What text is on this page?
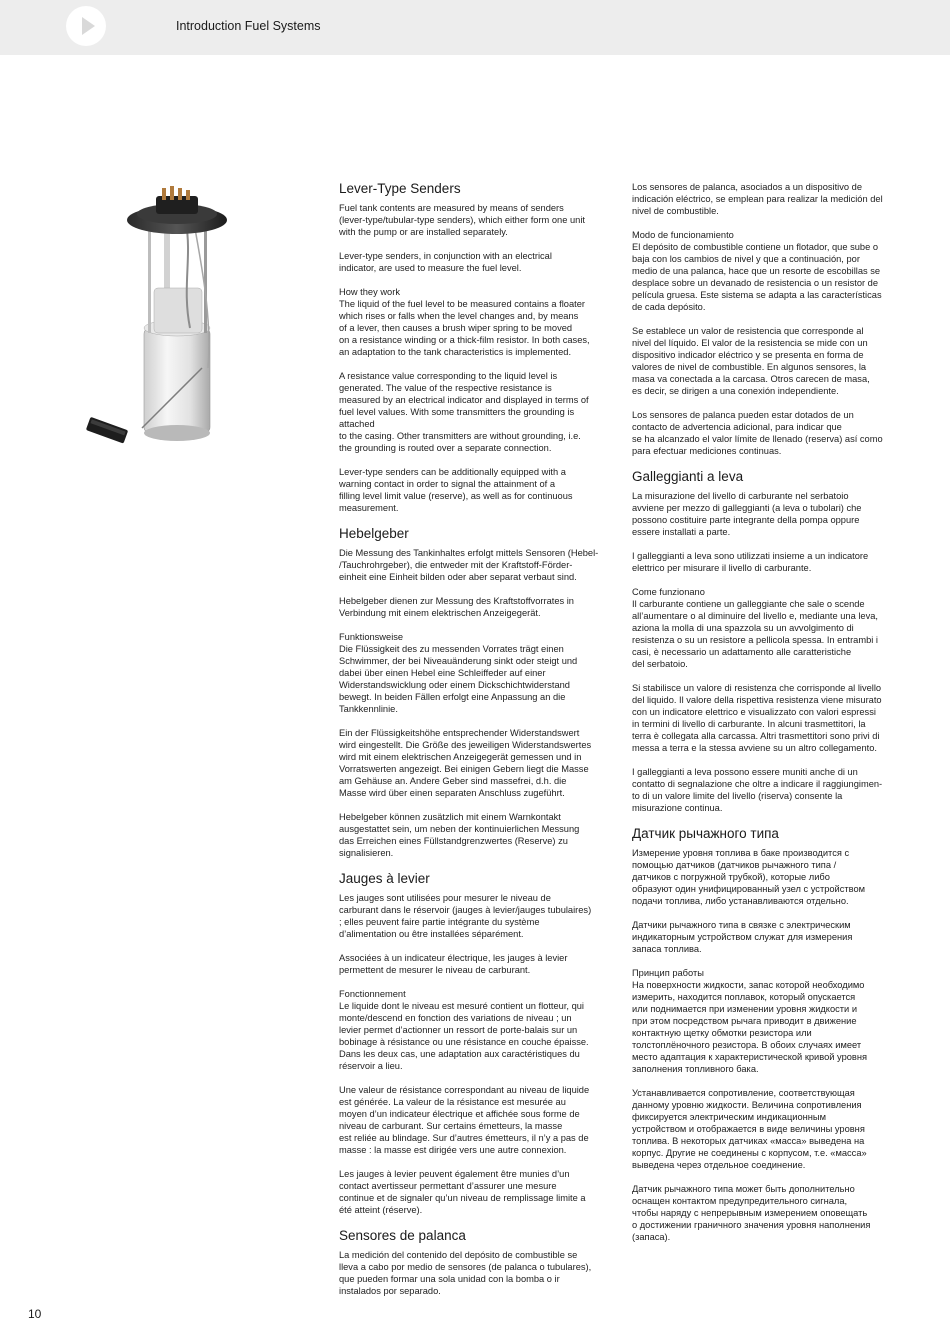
Introduction Fuel Systems
Lever-Type Senders

Fuel tank contents are measured by means of senders
(lever-type/tubular-type senders), which either form one unit
with the pump or are installed separately.

Lever-type senders, in conjunction with an electrical
indicator, are used to measure the fuel level.

How they work
The liquid of the fuel level to be measured contains a floater
which rises or falls when the level changes and, by means
of a lever, then causes a brush wiper spring to be moved
on a resistance winding or a thick-film resistor. In both cases,
an adaptation to the tank characteristics is implemented.

A resistance value corresponding to the liquid level is
generated. The value of the respective resistance is
measured by an electrical indicator and displayed in terms of
fuel level values. With some transmitters the grounding is
attached
to the casing. Other transmitters are without grounding, i.e.
the grounding is routed over a separate connection.

Lever-type senders can be additionally equipped with a
warning contact in order to signal the attainment of a
filling level limit value (reserve), as well as for continuous
measurement.

Hebelgeber

Die Messung des Tankinhaltes erfolgt mittels Sensoren (Hebel-
/Tauchrohrgeber), die entweder mit der Kraftstoff-Förder-
einheit eine Einheit bilden oder aber separat verbaut sind.

Hebelgeber dienen zur Messung des Kraftstoffvorrates in
Verbindung mit einem elektrischen Anzeigegerät.

Funktionsweise
Die Flüssigkeit des zu messenden Vorrates trägt einen
Schwimmer, der bei Niveauänderung sinkt oder steigt und
dabei über einen Hebel eine Schleiffeder auf einer
Widerstandswicklung oder einem Dickschichtwiderstand
bewegt. In beiden Fällen erfolgt eine Anpassung an die
Tankkennlinie.

Ein der Flüssigkeitshöhe entsprechender Widerstandswert
wird eingestellt. Die Größe des jeweiligen Widerstandswertes
wird mit einem elektrischen Anzeigegerät gemessen und in
Vorratswerten angezeigt. Bei einigen Gebern liegt die Masse
am Gehäuse an. Andere Geber sind massefrei, d.h. die
Masse wird über einen separaten Anschluss zugeführt.

Hebelgeber können zusätzlich mit einem Warnkontakt
ausgestattet sein, um neben der kontinuierlichen Messung
das Erreichen eines Füllstandgrenzwertes (Reserve) zu
signalisieren.

Jauges à levier

Les jauges sont utilisées pour mesurer le niveau de
carburant dans le réservoir (jauges à levier/jauges tubulaires)
; elles peuvent faire partie intégrante du système
d’alimentation ou être installées séparément.

Associées à un indicateur électrique, les jauges à levier
permettent de mesurer le niveau de carburant.

Fonctionnement
Le liquide dont le niveau est mesuré contient un flotteur, qui
monte/descend en fonction des variations de niveau ; un
levier permet d’actionner un ressort de porte-balais sur un
bobinage à résistance ou une résistance en couche épaisse.
Dans les deux cas, une adaptation aux caractéristiques du
réservoir a lieu.

Une valeur de résistance correspondant au niveau de liquide
est générée. La valeur de la résistance est mesurée au
moyen d’un indicateur électrique et affichée sous forme de
niveau de carburant. Sur certains émetteurs, la masse
est reliée au blindage. Sur d’autres émetteurs, il n’y a pas de
masse : la masse est dirigée vers une autre connexion.

Les jauges à levier peuvent également être munies d’un
contact avertisseur permettant d’assurer une mesure
continue et de signaler qu’un niveau de remplissage limite a
été atteint (réserve).

Sensores de palanca

La medición del contenido del depósito de combustible se
lleva a cabo por medio de sensores (de palanca o tubulares),
que pueden formar una sola unidad con la bomba o ir
instalados por separado.

Los sensores de palanca, asociados a un dispositivo de
indicación eléctrico, se emplean para realizar la medición del
nivel de combustible.

Modo de funcionamiento
El depósito de combustible contiene un flotador, que sube o
baja con los cambios de nivel y que a continuación, por
medio de una palanca, hace que un resorte de escobillas se
desplace sobre un devanado de resistencia o un resistor de
película gruesa. Este sistema se adapta a las características
de cada depósito.

Se establece un valor de resistencia que corresponde al
nivel del líquido. El valor de la resistencia se mide con un
dispositivo indicador eléctrico y se presenta en forma de
valores de nivel de combustible. En algunos sensores, la
masa va conectada a la carcasa. Otros carecen de masa,
es decir, se dirigen a una conexión independiente.

Los sensores de palanca pueden estar dotados de un
contacto de advertencia adicional, para indicar que
se ha alcanzado el valor límite de llenado (reserva) así como
para efectuar mediciones continuas.

Galleggianti a leva

La misurazione del livello di carburante nel serbatoio
avviene per mezzo di galleggianti (a leva o tubolari) che
possono costituire parte integrante della pompa oppure
essere installati a parte.

I galleggianti a leva sono utilizzati insieme a un indicatore
elettrico per misurare il livello di carburante.

Come funzionano
Il carburante contiene un galleggiante che sale o scende
all’aumentare o al diminuire del livello e, mediante una leva,
aziona la molla di una spazzola su un avvolgimento di
resistenza o su un resistore a pellicola spessa. In entrambi i
casi, è necessario un adattamento alle caratteristiche
del serbatoio.

Si stabilisce un valore di resistenza che corrisponde al livello
del liquido. Il valore della rispettiva resistenza viene misurato
con un indicatore elettrico e visualizzato con valori espressi
in termini di livello di carburante. In alcuni trasmettitori, la
terra è collegata alla carcassa. Altri trasmettitori sono privi di
messa a terra e la stessa avviene su un altro collegamento.

I galleggianti a leva possono essere muniti anche di un
contatto di segnalazione che oltre a indicare il raggiungimen-
to di un valore limite del livello (riserva) consente la
misurazione continua.

Датчик рычажного типа

Измерение уровня топлива в баке производится с
помощью датчиков (датчиков рычажного типа /
датчиков с погружной трубкой), которые либо
образуют один унифицированный узел с устройством
подачи топлива, либо устанавливаются отдельно.

Датчики рычажного типа в связке с электрическим
индикаторным устройством служат для измерения
запаса топлива.

Принцип работы
На поверхности жидкости, запас которой необходимо
измерить, находится поплавок, который опускается
или поднимается при изменении уровня жидкости и
при этом посредством рычага приводит в движение
контактную щетку обмотки резистора или
толстоплёночного резистора. В обоих случаях имеет
место адаптация к характеристической кривой уровня
заполнения топливного бака.

Устанавливается сопротивление, соответствующая
данному уровню жидкости. Величина сопротивления
фиксируется электрическим индикационным
устройством и отображается в виде величины уровня
топлива. В некоторых датчиках «масса» выведена на
корпус. Другие не соединены с корпусом, т.е. «масса»
выведена через отдельное соединение.

Датчик рычажного типа может быть дополнительно
оснащен контактом предупредительного сигнала,
чтобы наряду с непрерывным измерением оповещать
о достижении граничного значения уровня наполнения
(запаса).

10
